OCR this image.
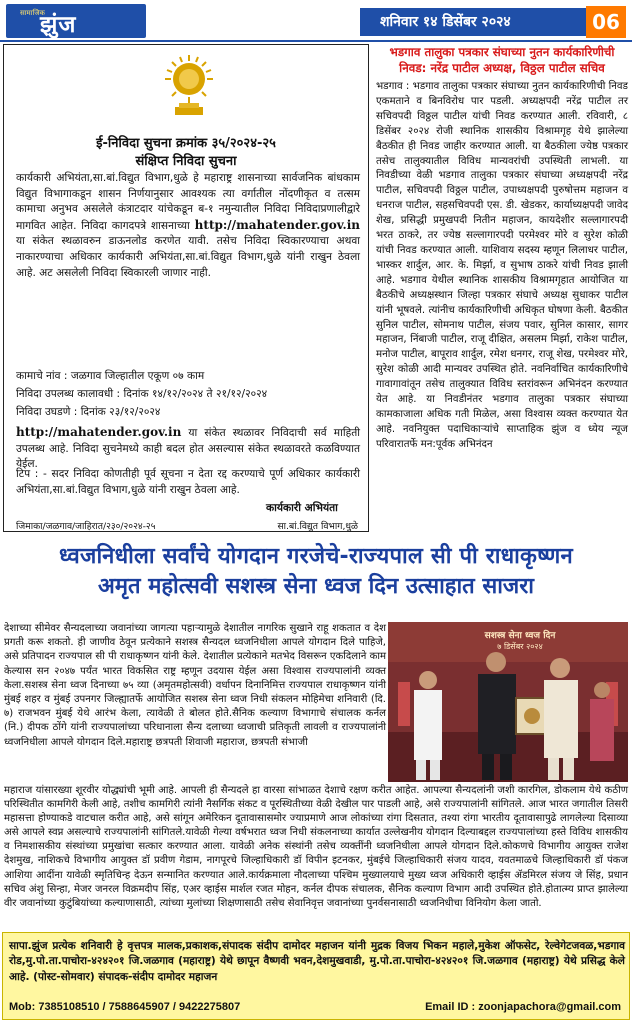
सामाजिक
झुंज	शनिवार १४ डिसेंबर २०२४	06
ई-निविदा सुचना क्रमांक ३५/२०२४-२५
संक्षिप्त निविदा सुचना
कार्यकारी अभियंता,सा.बां.विद्युत विभाग,धुळे हे महाराष्ट्र शासनाच्या सार्वजनिक बांधकाम विद्युत विभागाकडून शासन निर्णयानुसार आवश्यक त्या वर्गातील नोंदणीकृत व तत्सम कामाचा अनुभव असलेले कंत्राटदार यांचेकडून ब-१ नमुन्यातील निविदा निविदाप्रणालीद्वारे मागवित आहेत. निविदा कागदपत्रे शासनाच्या http://mahatender.gov.in या संकेत स्थळावरुन डाऊनलोड करणेत यावी. तसेच निविदा स्विकारण्याचा अथवा नाकारण्याचा अधिकार कार्यकारी अभियंता,सा.बां.विद्युत विभाग,धुळे यांनी राखुन ठेवला आहे. अट असलेली निविदा स्विकारली जाणार नाही.
कामाचे नांव : जळगाव जिल्हातील एकूण ०७ काम
निविदा उपलब्ध कालावधी : दिनांक १४/१२/२०२४ ते २१/१२/२०२४
निविदा उघडणे : दिनांक २३/१२/२०२४
http://mahatender.gov.in या संकेत स्थळावर निविदाची सर्व माहिती उपलब्ध आहे. निविदा सुचनेमध्ये काही बदल होत असल्यास संकेत स्थळावरते कळविण्यात येईल.
टिप : - सदर निविदा कोणतीही पूर्व सूचना न देता रद्द करण्याचे पूर्ण अधिकार कार्यकारी अभियंता,सा.बां.विद्युत विभाग,धुळे यांनी राखुन ठेवला आहे.
कार्यकारी अभियंता
जिमाका/जळगाव/जाहिरात/२३०/२०२४-२५	सा.बां.विद्युत विभाग,धुळे
भडगाव तालुका पत्रकार संघाच्या नुतन कार्यकारिणीची निवड: नरेंद्र पाटील अध्यक्ष, विठ्ठल पाटील सचिव
भडगाव : भडगाव तालुका पत्रकार संघाच्या नुतन कार्यकारिणीची निवड एकमताने व बिनविरोध पार पडली. अध्यक्षपदी नरेंद्र पाटील तर सचिवपदी विठ्ठल पाटील यांची निवड करण्यात आली. रविवारी, ८ डिसेंबर २०२४ रोजी स्थानिक शासकीय विश्रामगृह येथे झालेल्या बैठकीत ही निवड जाहीर करण्यात आली. या बैठकीला ज्येष्ठ पत्रकार तसेच तालुक्यातील विविध मान्यवरांची उपस्थिती लाभली. या निवडीच्या वेळी भडगाव तालुका पत्रकार संघाच्या अध्यक्षपदी नरेंद्र पाटील, सचिवपदी विठ्ठल पाटील, उपाध्यक्षपदी पुरुषोत्तम महाजन व धनराज पाटील, सहसचिवपदी एस. डी. खेडकर, कार्याध्यक्षपदी जावेद शेख, प्रसिद्धी प्रमुखपदी नितीन महाजन, कायदेशीर सल्लागारपदी भरत ठाकरे, तर ज्येष्ठ सल्लागारपदी परमेश्वर मोरे व सुरेश कोळी यांची निवड करण्यात आली. याशिवाय सदस्य म्हणून लिलाधर पाटील, भास्कर शार्दुल, आर. के. मिर्झा, व सुभाष ठाकरे यांची निवड झाली आहे. भडगाव येथील स्थानिक शासकीय विश्रामगृहात आयोजित या बैठकीचे अध्यक्षस्थान जिल्हा पत्रकार संघाचे अध्यक्ष सुधाकर पाटील यांनी भूषवले. त्यांनीच कार्यकारिणीची अधिकृत घोषणा केली. बैठकीत सुनिल पाटील, सोमनाथ पाटील, संजय पवार, सुनिल कासार, सागर महाजन, निंबाजी पाटील, राजू दीक्षित, असलम मिर्झा, राकेश पाटील, मनोज पाटील, बापूराव शार्दुल, रमेश धनगर, राजू शेख, परमेश्वर मोरे, सुरेश कोळी आदी मान्यवर उपस्थित होते. नवनिर्वाचित कार्यकारिणीचे गावागावांतून तसेच तालुक्यात विविध स्तरांवरून अभिनंदन करण्यात येत आहे. या निवडीनंतर भडगाव तालुका पत्रकार संघाच्या कामकाजाला अधिक गती मिळेल, असा विश्वास व्यक्त करण्यात येत आहे. नवनियुक्त पदाधिकाऱ्यांचे साप्ताहिक झुंज व ध्येय न्यूज परिवारातर्फे मन:पूर्वक अभिनंदन
ध्वजनिधीला सर्वांचे योगदान गरजेचे-राज्यपाल सी पी राधाकृष्णन
अमृत महोत्सवी सशस्त्र सेना ध्वज दिन उत्साहात साजरा
देशाच्या सीमेवर सैन्यदलाच्या जवानांच्या जागत्या पहाऱ्यामुळे देशातील नागरिक सुखाने राहू शकतात व देश प्रगती करू शकतो. ही जाणीव ठेवून प्रत्येकाने सशस्त्र सैन्यदल ध्वजनिधीला आपले योगदान दिले पाहिजे, असे प्रतिपादन राज्यपाल सी पी राधाकृष्णन यांनी केले. देशातील प्रत्येकाने मतभेद विसरून एकदिलाने काम केल्यास सन २०४७ पर्यंत भारत विकसित राष्ट्र म्हणून उदयास येईल असा विश्वास राज्यपालांनी व्यक्त केला.सशस्त्र सेना ध्वज दिनाच्या ७५ व्या (अमृतमहोत्सवी) वर्धापन दिनानिमित्त राज्यपाल राधाकृष्णन यांनी मुंबई शहर व मुंबई उपनगर जिल्ह्यातर्फे आयोजित सशस्त्र सेना ध्वज निधी संकलन मोहिमेचा शनिवारी (दि. ७) राजभवन मुंबई येथे आरंभ केला, त्यावेळी ते बोलत होते.सैनिक कल्याण विभागाचे संचालक कर्नल (नि.) दीपक ठोंगे यांनी राज्यपालांच्या परिधानाला सैन्य दलाच्या ध्वजाची प्रतिकृती लावली व राज्यपालांनी ध्वजनिधीला आपले योगदान दिले.महाराष्ट्र छत्रपती शिवाजी महाराज, छत्रपती संभाजी
सशस्त्र सेना ध्वज दिन
७ डिसेंबर २०२४
महाराज यांसारख्या शूरवीर योद्ध्यांची भूमी आहे. आपली ही सैन्यदले हा वारसा सांभाळत देशाचे रक्षण करीत आहेत. आपल्या सैन्यदलांनी जशी कारगिल, डोकलाम येथे कठीण परिस्थितीत कामगिरी केली आहे, तशीच कामगिरी त्यांनी नैसर्गिक संकट व पूरस्थितीच्या वेळी देखील पार पाडली आहे, असे राज्यपालांनी सांगितले. आज भारत जगातील तिसरी महासत्ता होण्याकडे वाटचाल करीत आहे, असे सांगून अमेरिकन दूतावासासमोर ज्याप्रमाणे आज लोकांच्या रांगा दिसतात, तश्या रांगा भारतीय दूतावासापुढे लागलेल्या दिसाव्या असे आपले स्वप्न असल्याचे राज्यपालांनी सांगितले.यावेळी गेल्या वर्षभरात ध्वज निधी संकलनाच्या कार्यात उल्लेखनीय योगदान दिल्याबद्दल राज्यपालांच्या हस्ते विविध शासकीय व निमशासकीय संस्थांच्या प्रमुखांचा सत्कार करण्यात आला. यावेळी अनेक संस्थांनी तसेच व्यक्तींनी ध्वजनिधीला आपले योगदान दिले.कोकणचे विभागीय आयुक्त राजेश देशमुख, नाशिकचे विभागीय आयुक्त डॉ प्रवीण गेडाम, नागपूरचे जिल्हाधिकारी डॉ विपीन इटनकर, मुंबईचे जिल्हाधिकारी संजय यादव, यवतमाळचे जिल्हाधिकारी डॉ पंकज आशिया आदींना यावेळी स्मृतिचिन्ह देऊन सन्मानित करण्यात आले.कार्यक्रमाला नौदलाच्या पश्चिम मुख्यालयाचे मुख्य ध्वज अधिकारी व्हाईस ॲडमिरल संजय जे सिंह, प्रधान सचिव अंशु सिन्हा, मेजर जनरल विक्रमदीप सिंह, एअर व्हाईस मार्शल रजत मोहन, कर्नल दीपक संचालक, सैनिक कल्याण विभाग आदी उपस्थित होते.होतात्म्य प्राप्त झालेल्या वीर जवानांच्या कुटुंबियांच्या कल्याणासाठी, त्यांच्या मुलांच्या शिक्षणासाठी तसेच सेवानिवृत्त जवानांच्या पुनर्वसनासाठी ध्वजनिधीचा विनियोग केला जातो.
सापा.झुंज प्रत्येक शनिवारी हे वृत्तपत्र मालक,प्रकाशक,संपादक संदीप दामोदर महाजन यांनी मुद्रक विजय भिकन महाले,मुकेश ऑफसेट, रेल्वेगेटजवळ,भडगाव रोड,मु.पो.ता.पाचोरा-४२४२०१ जि.जळगाव (महाराष्ट्र) येथे छापून वैष्णवी भवन,देशमुखवाडी, मु.पो.ता.पाचोरा-४२४२०१ जि.जळगाव (महाराष्ट्र) येथे प्रसिद्ध केले आहे. (पोस्ट-सोमवार) संपादक-संदीप दामोदर महाजन
Mob: 7385108510 / 7588645907 / 9422275807	Email ID : zoonjapachora@gmail.com
